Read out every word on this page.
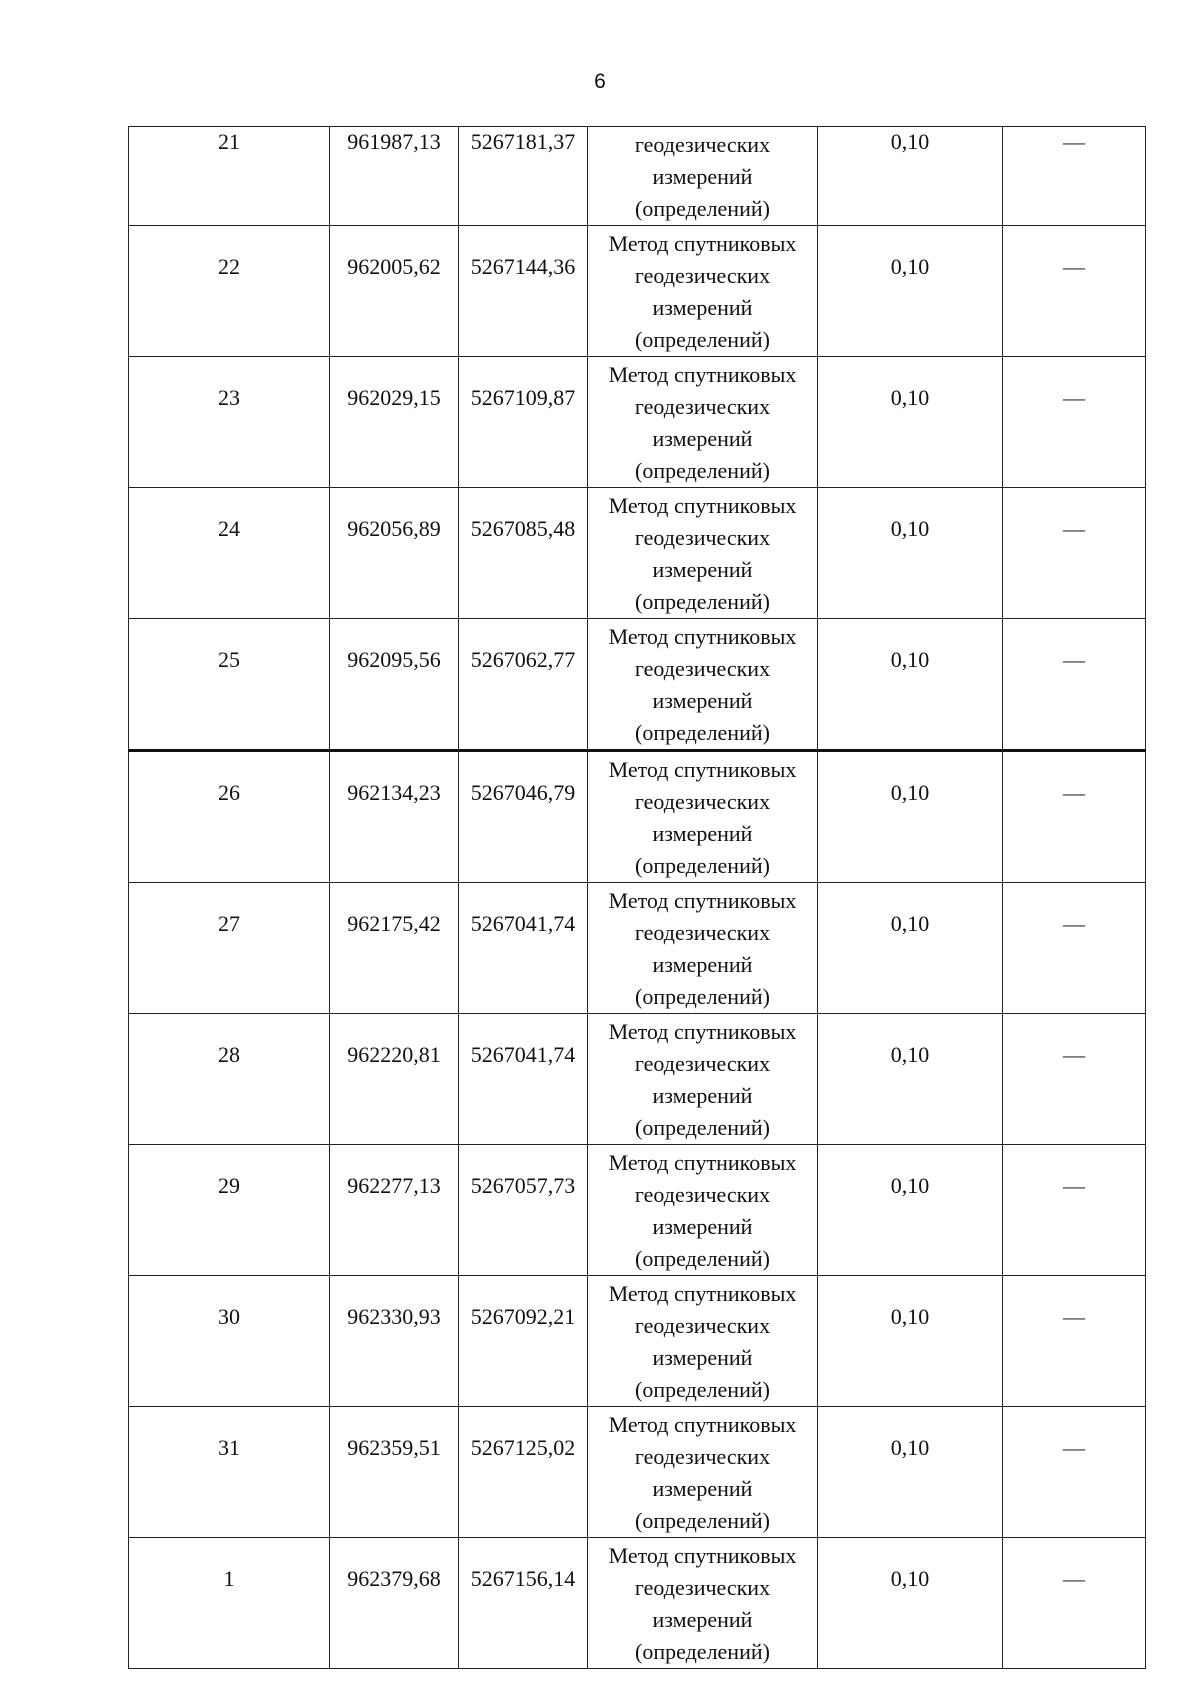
6
21	961987,13	5267181,37	геодезических
измерений
(определений)	0,10	—

22	962005,62	5267144,36	Метод спутниковых
геодезических
измерений
(определений)	0,10	—

23	962029,15	5267109,87	Метод спутниковых
геодезических
измерений
(определений)	0,10	—

24	962056,89	5267085,48	Метод спутниковых
геодезических
измерений
(определений)	0,10	—

25	962095,56	5267062,77	Метод спутниковых
геодезических
измерений
(определений)	0,10	—

26	962134,23	5267046,79	Метод спутниковых
геодезических
измерений
(определений)	0,10	—

27	962175,42	5267041,74	Метод спутниковых
геодезических
измерений
(определений)	0,10	—

28	962220,81	5267041,74	Метод спутниковых
геодезических
измерений
(определений)	0,10	—

29	962277,13	5267057,73	Метод спутниковых
геодезических
измерений
(определений)	0,10	—

30	962330,93	5267092,21	Метод спутниковых
геодезических
измерений
(определений)	0,10	—

31	962359,51	5267125,02	Метод спутниковых
геодезических
измерений
(определений)	0,10	—

1	962379,68	5267156,14	Метод спутниковых
геодезических
измерений
(определений)	0,10	—
